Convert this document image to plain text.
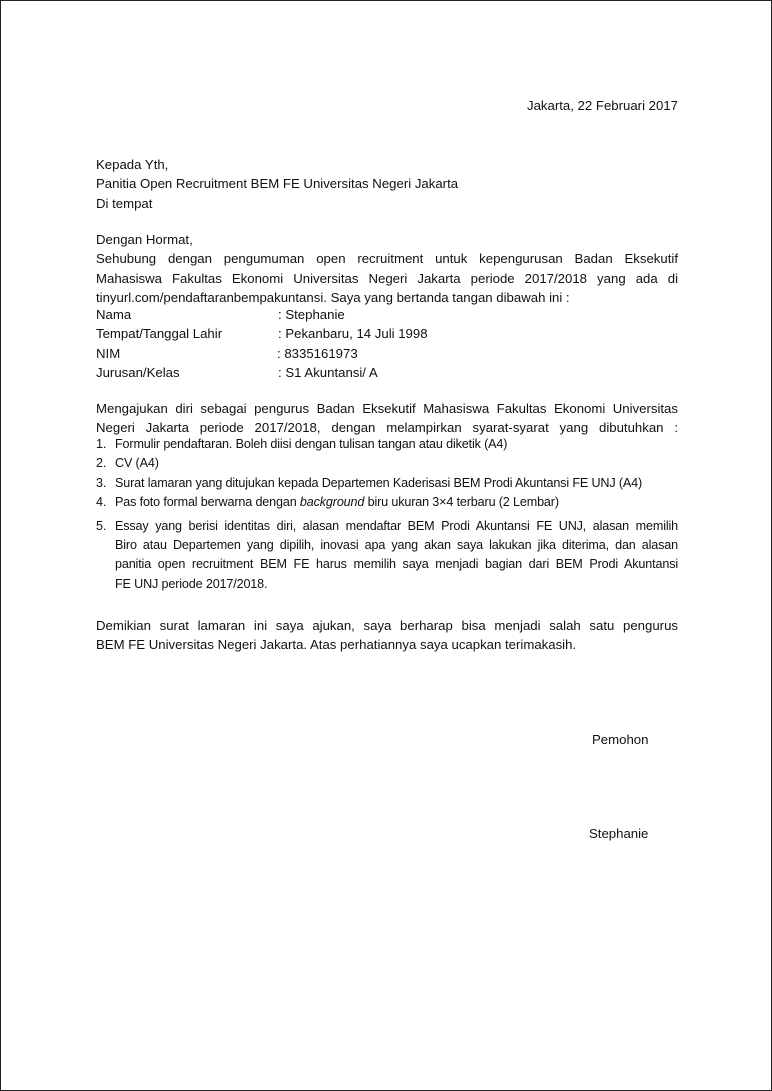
Jakarta, 22 Februari 2017
Kepada Yth,
Panitia Open Recruitment BEM FE Universitas Negeri Jakarta
Di tempat
Dengan Hormat,
Sehubung dengan pengumuman open recruitment untuk kepengurusan Badan Eksekutif
Mahasiswa Fakultas Ekonomi Universitas Negeri Jakarta periode 2017/2018 yang ada di
tinyurl.com/pendaftaranbempakuntansi. Saya yang bertanda tangan dibawah ini :
Nama	: Stephanie
Tempat/Tanggal Lahir	: Pekanbaru, 14 Juli 1998
NIM	: 8335161973
Jurusan/Kelas	: S1 Akuntansi/ A
Mengajukan diri sebagai pengurus Badan Eksekutif Mahasiswa Fakultas Ekonomi Universitas
Negeri Jakarta periode 2017/2018, dengan melampirkan syarat-syarat yang dibutuhkan :
1. Formulir pendaftaran. Boleh diisi dengan tulisan tangan atau diketik (A4)
2. CV (A4)
3. Surat lamaran yang ditujukan kepada Departemen Kaderisasi BEM Prodi Akuntansi FE UNJ (A4)
4. Pas foto formal berwarna dengan background biru ukuran 3×4 terbaru (2 Lembar)
5. Essay yang berisi identitas diri, alasan mendaftar BEM Prodi Akuntansi FE UNJ, alasan memilih
Biro atau Departemen yang dipilih, inovasi apa yang akan saya lakukan jika diterima, dan alasan
panitia open recruitment BEM FE harus memilih saya menjadi bagian dari BEM Prodi Akuntansi
FE UNJ periode 2017/2018.
Demikian surat lamaran ini saya ajukan, saya berharap bisa menjadi salah satu pengurus
BEM FE Universitas Negeri Jakarta. Atas perhatiannya saya ucapkan terimakasih.
Pemohon
Stephanie
